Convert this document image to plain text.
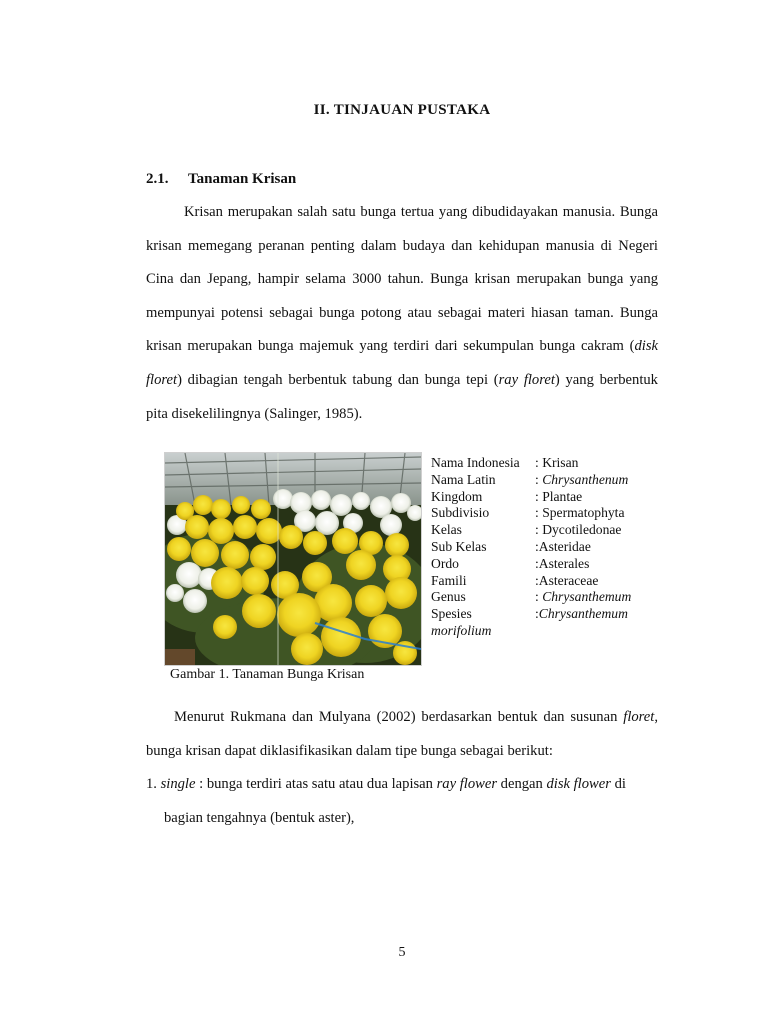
II. TINJAUAN PUSTAKA
2.1. Tanaman Krisan

Krisan merupakan salah satu bunga tertua yang dibudidayakan manusia. Bunga krisan memegang peranan penting dalam budaya dan kehidupan manusia di Negeri Cina dan Jepang, hampir selama 3000 tahun. Bunga krisan merupakan bunga yang mempunyai potensi sebagai bunga potong atau sebagai materi hiasan taman. Bunga krisan merupakan bunga majemuk yang terdiri dari sekumpulan bunga cakram (disk floret) dibagian tengah berbentuk tabung dan bunga tepi (ray floret) yang berbentuk pita disekelilingnya (Salinger, 1985).

Gambar 1. Tanaman Bunga Krisan
Nama Indonesia : Krisan
Nama Latin	: Chrysanthenum
Kingdom	: Plantae
Subdivisio	: Spermatophyta
Kelas	: Dycotiledonae
Sub Kelas	:Asteridae
Ordo	:Asterales
Famili	:Asteraceae
Genus	: Chrysanthemum
Spesies	:Chrysanthemum
morifolium

Menurut Rukmana dan Mulyana (2002) berdasarkan bentuk dan susunan floret, bunga krisan dapat diklasifikasikan dalam tipe bunga sebagai berikut:

1. single : bunga terdiri atas satu atau dua lapisan ray flower dengan disk flower di bagian tengahnya (bentuk aster),
5
